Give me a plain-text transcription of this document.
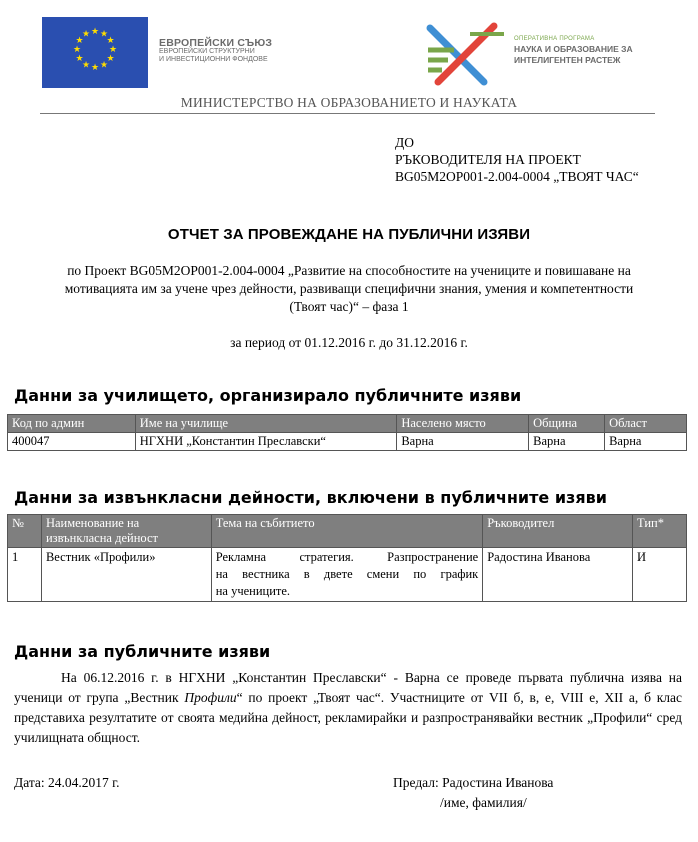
★ ★
★
★
★
★
★
★
★
★
★
★
ЕВРОПЕЙСКИ СЪЮЗ
ЕВРОПЕЙСКИ СТРУКТУРНИ
И ИНВЕСТИЦИОННИ ФОНДОВЕ
ОПЕРАТИВНА ПРОГРАМА
НАУКА И ОБРАЗОВАНИЕ ЗА
ИНТЕЛИГЕНТЕН РАСТЕЖ
МИНИСТЕРСТВО НА ОБРАЗОВАНИЕТО И НАУКАТА
ДО
РЪКОВОДИТЕЛЯ НА ПРОЕКТ
BG05M2OP001-2.004-0004 „ТВОЯТ ЧАС“
ОТЧЕТ ЗА ПРОВЕЖДАНЕ НА ПУБЛИЧНИ ИЗЯВИ
по Проект BG05M2OP001-2.004-0004 „Развитие на способностите на учениците и повишаване на
мотивацията им за учене чрез дейности, развиващи специфични знания, умения и компетентности
(Твоят час)“ – фаза 1
за период от 01.12.2016 г. до 31.12.2016 г.
Данни за училището, организирало публичните изяви
Код по админ	Име на училище	Населено място	Община	Област
400047	НГХНИ „Константин Преславски“	Варна	Варна	Варна
Данни за извънкласни дейности, включени в публичните изяви
№	Наименование на извънкласна дейност	Тема на събитието	Ръководител	Тип*
1	Вестник «Профили»	Рекламна стратегия. Разпространение
на вестника в двете смени по график
на учениците.	Радостина Иванова	И
Данни за публичните изяви
На 06.12.2016 г. в НГХНИ „Константин Преславски“ - Варна се проведе първата публична изява на ученици от група „Вестник Профили“ по проект „Твоят час“. Участниците от VII б, в, е, VIII е, XII а, б клас представиха резултатите от своята медийна дейност, рекламирайки и разпространявайки вестник „Профили“ сред училищната общност.
Дата: 24.04.2017 г.	Предал: Радостина Иванова
/име, фамилия/
